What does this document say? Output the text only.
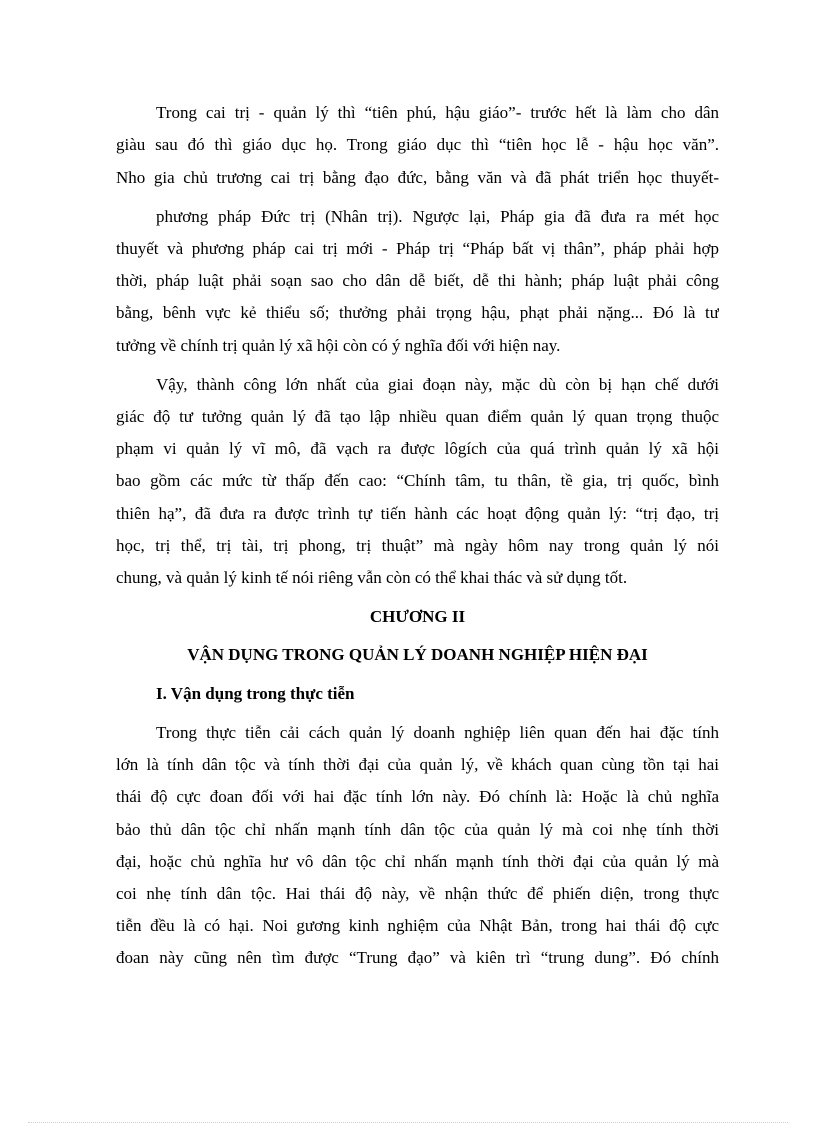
Trong cai trị - quản lý thì “tiên phú, hậu giáo”- trước hết là làm cho dân
giàu sau đó thì giáo dục họ. Trong giáo dục thì “tiên học lễ - hậu học văn”.
Nho gia chủ trương cai trị bằng đạo đức, bằng văn và đã phát triển học thuyết-
phương pháp Đức trị (Nhân trị). Ngược lại, Pháp gia đã đưa ra mét học
thuyết và phương pháp cai trị mới - Pháp trị “Pháp bất vị thân”, pháp phải hợp
thời, pháp luật phải soạn sao cho dân dễ biết, dễ thi hành; pháp luật phải công
bằng, bênh vực kẻ thiểu số; thưởng phải trọng hậu, phạt phải nặng... Đó là tư
tưởng về chính trị quản lý xã hội còn có ý nghĩa đối với hiện nay.
Vậy, thành công lớn nhất của giai đoạn này, mặc dù còn bị hạn chế dưới
giác độ tư tưởng quản lý đã tạo lập nhiều quan điểm quản lý quan trọng thuộc
phạm vi quản lý vĩ mô, đã vạch ra được lôgích của quá trình quản lý xã hội
bao gồm các mức từ thấp đến cao: “Chính tâm, tu thân, tề gia, trị quốc, bình
thiên hạ”, đã đưa ra được trình tự tiến hành các hoạt động quản lý: “trị đạo, trị
học, trị thể, trị tài, trị phong, trị thuật” mà ngày hôm nay trong quản lý nói
chung, và quản lý kinh tế nói riêng vẫn còn có thể khai thác và sử dụng tốt.
CHƯƠNG II
VẬN DỤNG TRONG QUẢN LÝ DOANH NGHIỆP HIỆN ĐẠI
I. Vận dụng trong thực tiễn
Trong thực tiễn cải cách quản lý doanh nghiệp liên quan đến hai đặc tính
lớn là tính dân tộc và tính thời đại của quản lý, về khách quan cùng tồn tại hai
thái độ cực đoan đối với hai đặc tính lớn này. Đó chính là: Hoặc là chủ nghĩa
bảo thủ dân tộc chỉ nhấn mạnh tính dân tộc của quản lý mà coi nhẹ tính thời
đại, hoặc chủ nghĩa hư vô dân tộc chỉ nhấn mạnh tính thời đại của quản lý mà
coi nhẹ tính dân tộc. Hai thái độ này, về nhận thức để phiến diện, trong thực
tiễn đều là có hại. Noi gương kinh nghiệm của Nhật Bản, trong hai thái độ cực
đoan này cũng nên tìm được “Trung đạo” và kiên trì “trung dung”. Đó chính
